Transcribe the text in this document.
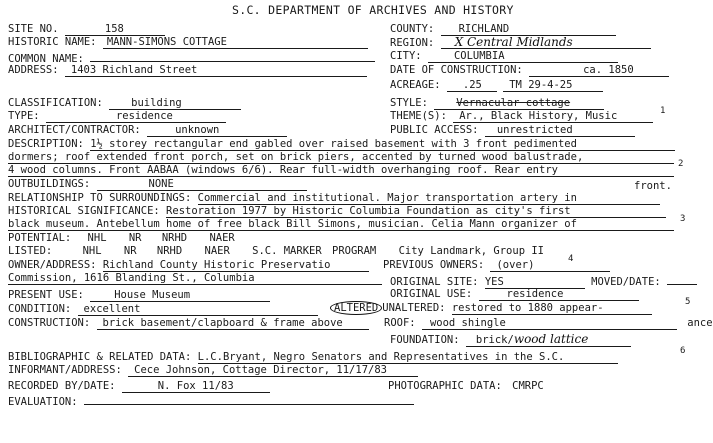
S.C. DEPARTMENT OF ARCHIVES AND HISTORY
SITE NO.	158	COUNTY: RICHLAND
HISTORIC NAME: MANN-SIMONS COTTAGE	REGION: X Central Midlands
COMMON NAME:	CITY:	COLUMBIA
ADDRESS: 1403 Richland Street	DATE OF CONSTRUCTION:	ca. 1850
ACREAGE: .25	TM 29-4-25
CLASSIFICATION:	building	STYLE:	Vernacular cottage
TYPE:	residence	THEME(S): Ar., Black History, Music	1
ARCHITECT/CONTRACTOR:	unknown	PUBLIC ACCESS: unrestricted
DESCRIPTION: 1½ storey rectangular end gabled over raised basement with 3 front pedimented
dormers; roof extended front porch, set on brick piers, accented by turned wood balustrade,
4 wood columns. Front AABAA (windows 6/6). Rear full-width overhanging roof. Rear entry	2
OUTBUILDINGS:	NONE	front.
RELATIONSHIP TO SURROUNDINGS: Commercial and institutional. Major transportation artery in
HISTORICAL SIGNIFICANCE: Restoration 1977 by Historic Columbia Foundation as city's first
black museum. Antebellum home of free black Bill Simons, musician. Celia Mann organizer of	3
POTENTIAL: NHL NR NRHD NAER
LISTED:	NHL NR NRHD NAER S.C. MARKER PROGRAM City Landmark, Group II
OWNER/ADDRESS: Richland County Historic Preservatio
Commission, 1616 Blanding St., Columbia
PREVIOUS OWNERS: (over)	4
ORIGINAL SITE: YES	MOVED/DATE:
PRESENT USE:	House Museum	ORIGINAL USE:	residence
CONDITION: excellent	ALTERED UNALTERED: restored to 1880 appear-	5
CONSTRUCTION: brick basement/clapboard & frame above	ROOF: wood shingle	ance
FOUNDATION: brick/wood lattice
BIBLIOGRAPHIC & RELATED DATA: L.C.Bryant, Negro Senators and Representatives in the S.C.	6
INFORMANT/ADDRESS: Cece Johnson, Cottage Director, 11/17/83
RECORDED BY/DATE:	N. Fox 11/83	PHOTOGRAPHIC DATA: CMRPC
EVALUATION:
